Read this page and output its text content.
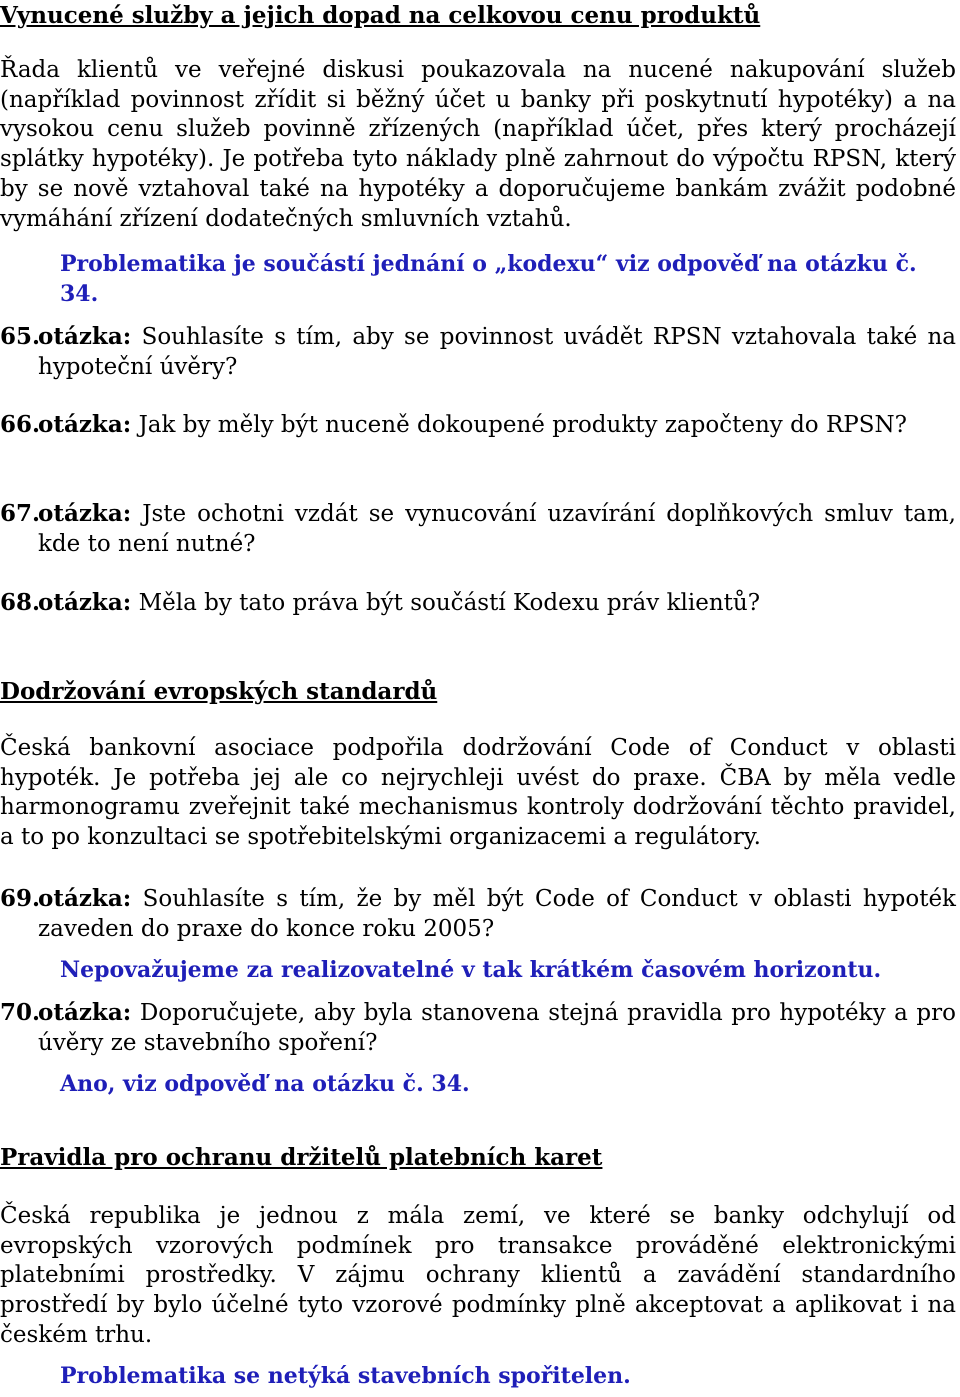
Vynucené služby a jejich dopad na celkovou cenu produktů
Řada klientů ve veřejné diskusi poukazovala na nucené nakupování služeb (například povinnost zřídit si běžný účet u banky při poskytnutí hypotéky) a na vysokou cenu služeb povinně zřízených (například účet, přes který procházejí splátky hypotéky). Je potřeba tyto náklady plně zahrnout do výpočtu RPSN, který by se nově vztahoval také na hypotéky a doporučujeme bankám zvážit podobné vymáhání zřízení dodatečných smluvních vztahů.
Problematika je součástí jednání o „kodexu“ viz odpověď na otázku č. 34.
65.otázka: Souhlasíte s tím, aby se povinnost uvádět RPSN vztahovala také na hypoteční úvěry?
66.otázka: Jak by měly být nuceně dokoupené produkty započteny do RPSN?
67.otázka: Jste ochotni vzdát se vynucování uzavírání doplňkových smluv tam, kde to není nutné?
68.otázka: Měla by tato práva být součástí Kodexu práv klientů?
Dodržování evropských standardů
Česká bankovní asociace podpořila dodržování Code of Conduct v oblasti hypoték. Je potřeba jej ale co nejrychleji uvést do praxe. ČBA by měla vedle harmonogramu zveřejnit také mechanismus kontroly dodržování těchto pravidel, a to po konzultaci se spotřebitelskými organizacemi a regulátory.
69.otázka: Souhlasíte s tím, že by měl být Code of Conduct v oblasti hypoték zaveden do praxe do konce roku 2005?
Nepovažujeme za realizovatelné v tak krátkém časovém horizontu.
70.otázka: Doporučujete, aby byla stanovena stejná pravidla pro hypotéky a pro úvěry ze stavebního spoření?
Ano, viz odpověď na otázku č. 34.
Pravidla pro ochranu držitelů platebních karet
Česká republika je jednou z mála zemí, ve které se banky odchylují od evropských vzorových podmínek pro transakce prováděné elektronickými platebními prostředky. V zájmu ochrany klientů a zavádění standardního prostředí by bylo účelné tyto vzorové podmínky plně akceptovat a aplikovat i na českém trhu.
Problematika se netýká stavebních spořitelen.
